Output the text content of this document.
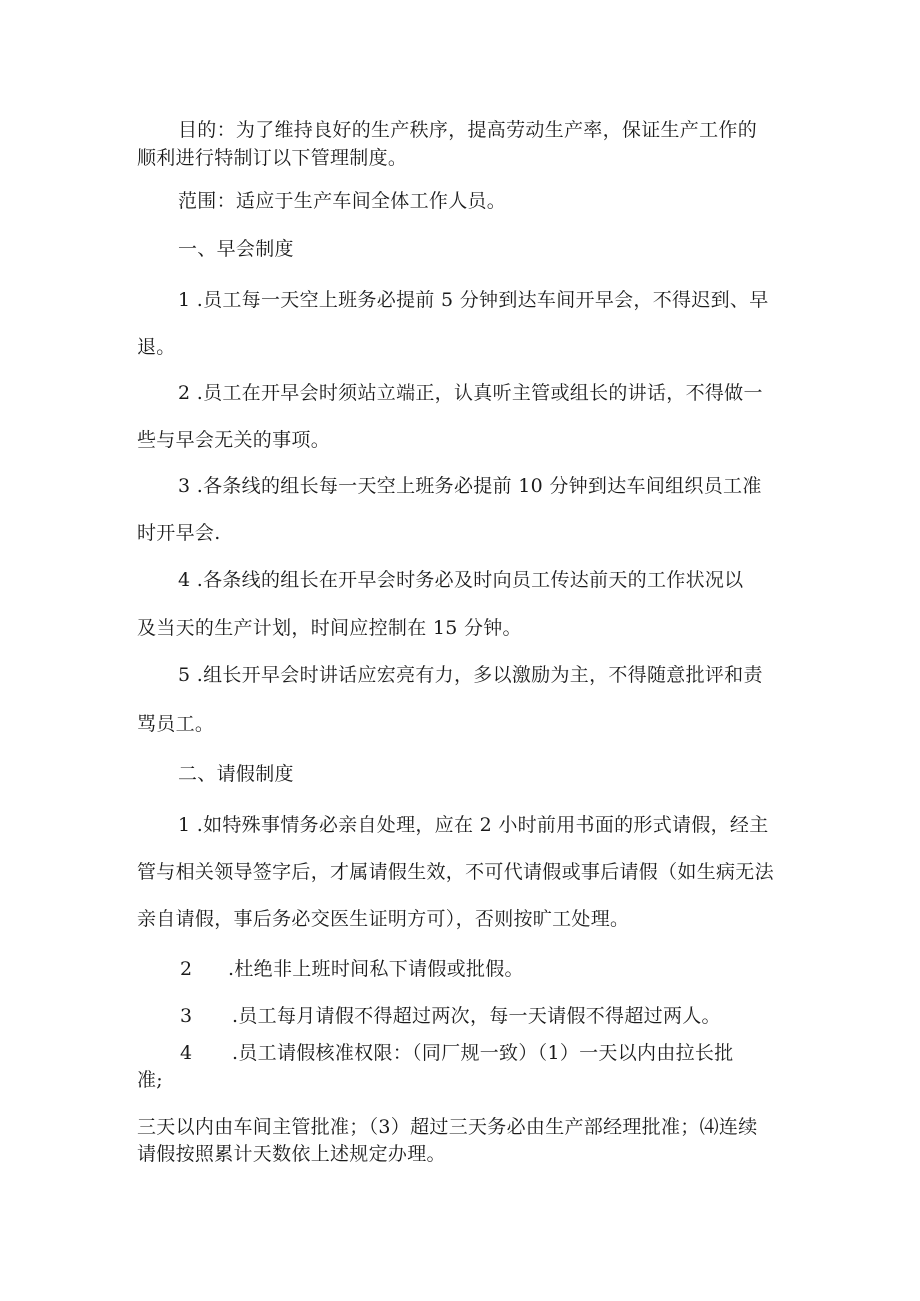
目的：为了维持良好的生产秩序，提高劳动生产率，保证生产工作的
顺利进行特制订以下管理制度。
范围：适应于生产车间全体工作人员。
一、早会制度
1 .员工每一天空上班务必提前 5 分钟到达车间开早会，不得迟到、早
退。
2 .员工在开早会时须站立端正，认真听主管或组长的讲话，不得做一
些与早会无关的事项。
3 .各条线的组长每一天空上班务必提前 10 分钟到达车间组织员工准
时开早会.
4 .各条线的组长在开早会时务必及时向员工传达前天的工作状况以
及当天的生产计划，时间应控制在 15 分钟。
5 .组长开早会时讲话应宏亮有力，多以激励为主，不得随意批评和责
骂员工。
二、请假制度
1 .如特殊事情务必亲自处理，应在 2 小时前用书面的形式请假，经主
管与相关领导签字后，才属请假生效，不可代请假或事后请假（如生病无法
亲自请假，事后务必交医生证明方可），否则按旷工处理。
2 .杜绝非上班时间私下请假或批假。
3 .员工每月请假不得超过两次，每一天请假不得超过两人。
4 .员工请假核准权限：（同厂规一致）（1）一天以内由拉长批
准;
三天以内由车间主管批准；（3）超过三天务必由生产部经理批准；⑷连续
请假按照累计天数依上述规定办理。
